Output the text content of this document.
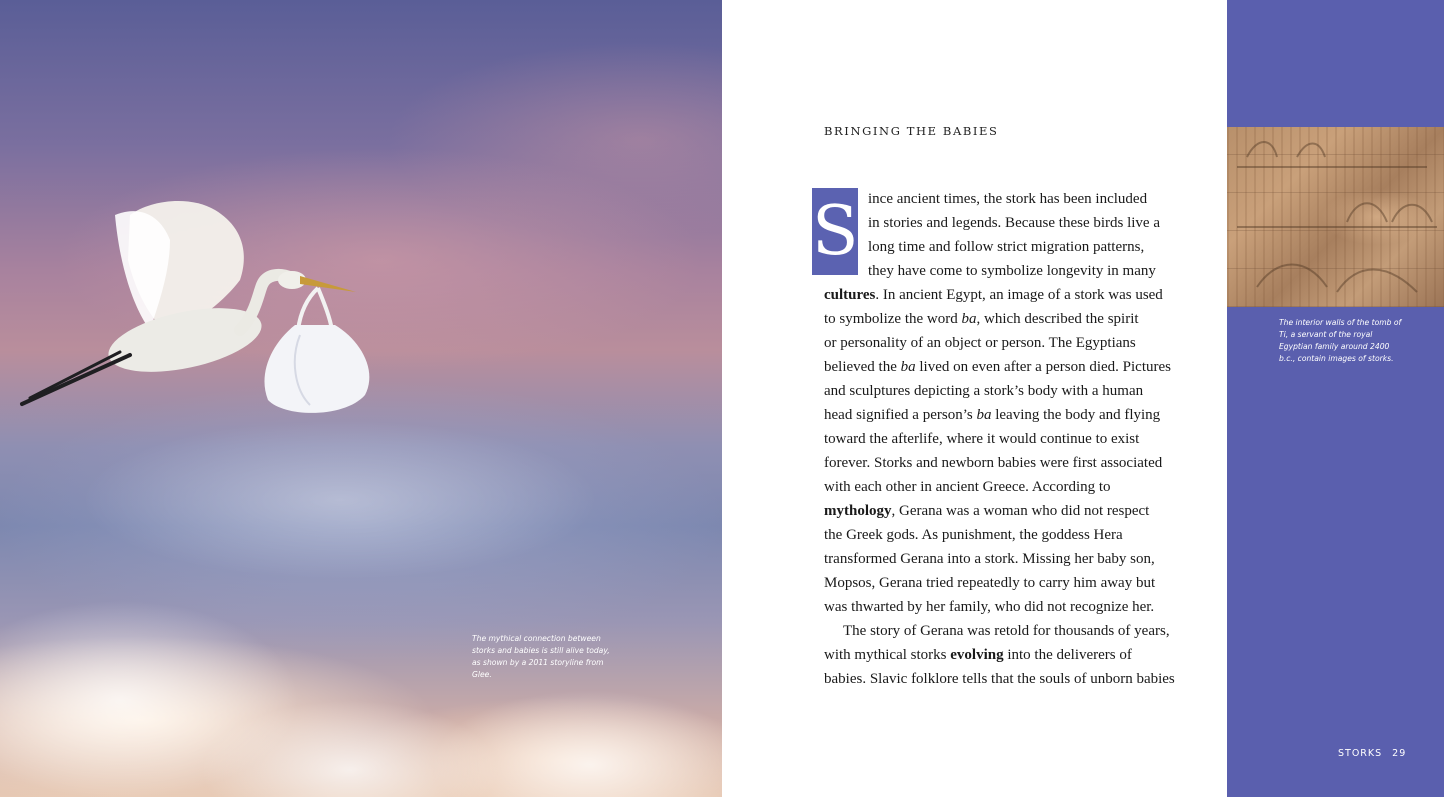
The mythical connection between storks and babies is still alive today, as shown by a 2011 storyline from Glee.

BRINGING THE BABIES
S ince ancient times, the stork has been included
in stories and legends. Because these birds live a
long time and follow strict migration patterns,
they have come to symbolize longevity in many
cultures. In ancient Egypt, an image of a stork was used
to symbolize the word ba, which described the spirit
or personality of an object or person. The Egyptians
believed the ba lived on even after a person died. Pictures
and sculptures depicting a stork’s body with a human
head signified a person’s ba leaving the body and flying
toward the afterlife, where it would continue to exist
forever. Storks and newborn babies were first associated
with each other in ancient Greece. According to
mythology, Gerana was a woman who did not respect
the Greek gods. As punishment, the goddess Hera
transformed Gerana into a stork. Missing her baby son,
Mopsos, Gerana tried repeatedly to carry him away but
was thwarted by her family, who did not recognize her.
The story of Gerana was retold for thousands of years,
with mythical storks evolving into the deliverers of
babies. Slavic folklore tells that the souls of unborn babies

The interior walls of the tomb of Ti, a servant of the royal Egyptian family around 2400 b.c., contain images of storks.

STORKS 29
